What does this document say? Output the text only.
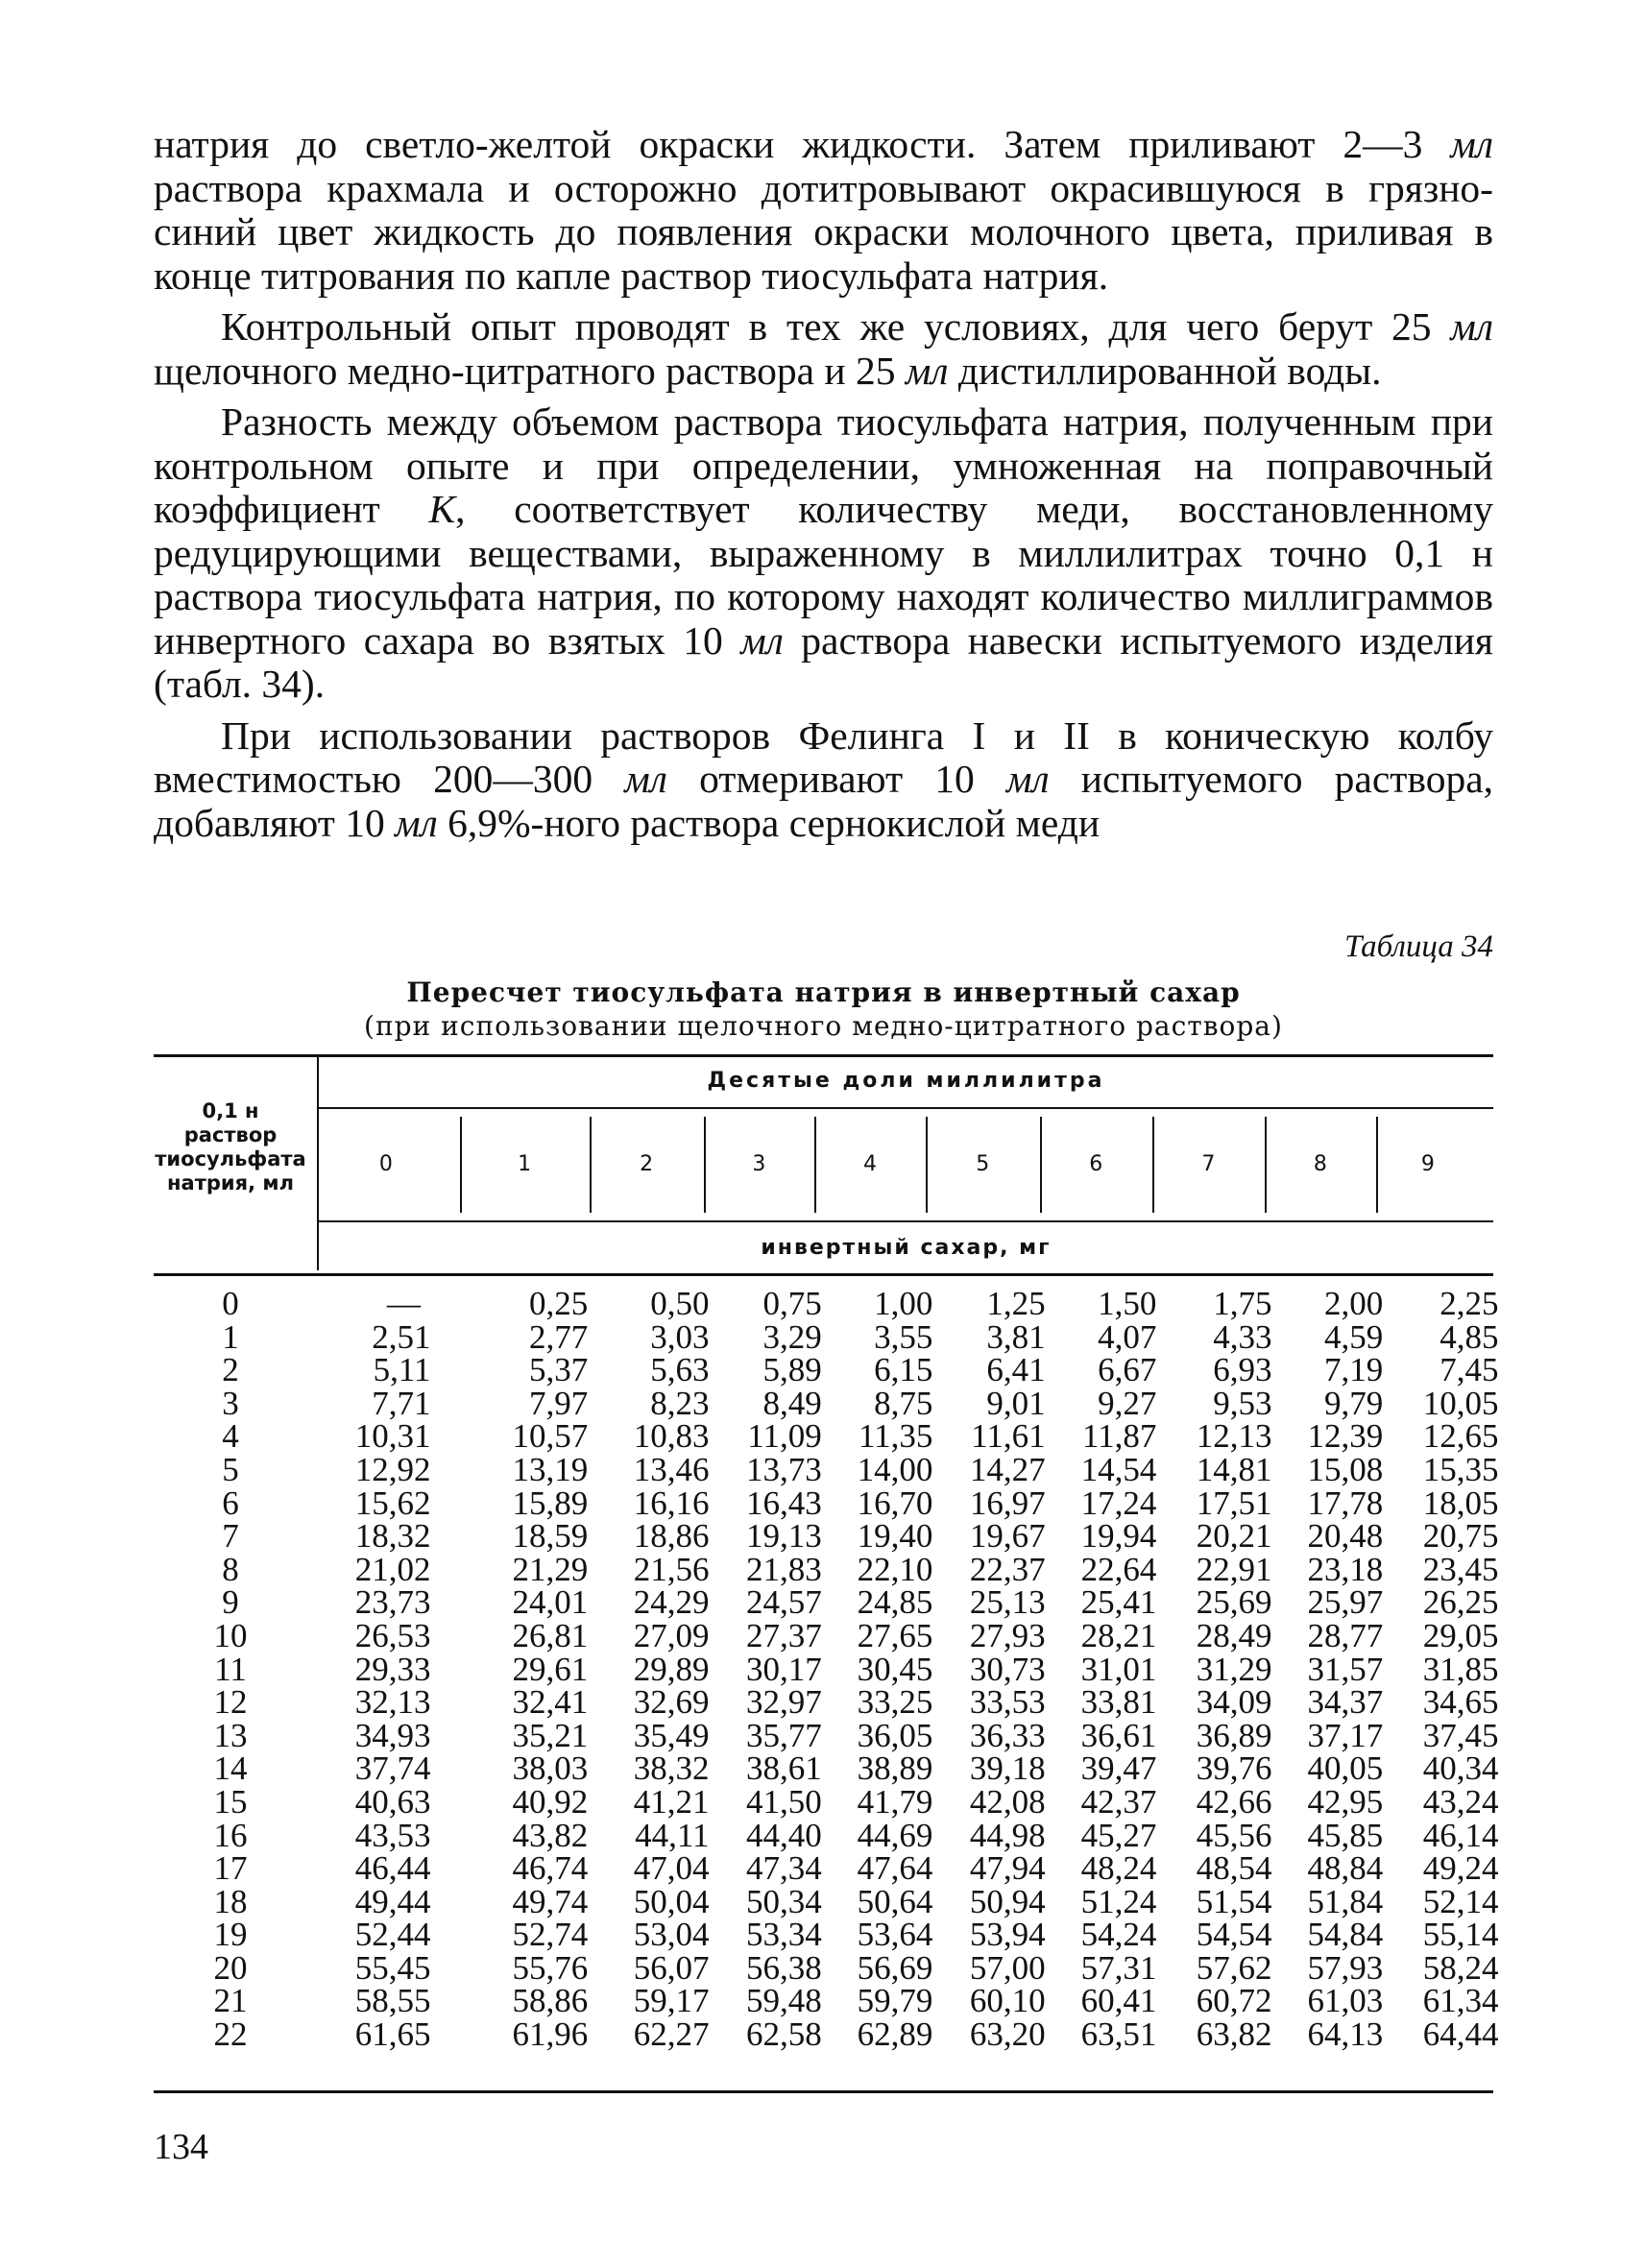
натрия до светло-желтой окраски жидкости. Затем приливают 2—3 мл раствора крахмала и осторожно дотитровывают окрасившуюся в грязно-синий цвет жидкость до появления окраски молочного цвета, приливая в конце титрования по капле раствор тиосульфата натрия.

Контрольный опыт проводят в тех же условиях, для чего берут 25 мл щелочного медно-цитратного раствора и 25 мл дистиллированной воды.

Разность между объемом раствора тиосульфата натрия, полученным при контрольном опыте и при определении, умноженная на поправочный коэффициент K, соответствует количеству меди, восстановленному редуцирующими веществами, выраженному в миллилитрах точно 0,1 н раствора тиосульфата натрия, по которому находят количество миллиграммов инвертного сахара во взятых 10 мл раствора навески испытуемого изделия (табл. 34).

При использовании растворов Фелинга I и II в коническую колбу вместимостью 200—300 мл отмеривают 10 мл испытуемого раствора, добавляют 10 мл 6,9%-ного раствора сернокислой меди

Таблица 34
Пересчет тиосульфата натрия в инвертный сахар
(при использовании щелочного медно-цитратного раствора)
0,1 н раствор тиосульфата натрия, мл
Десятые доли миллилитра
инвертный сахар, мг
0	1	2	3	4	5	6	7	8	9
0	—	0,25 0,50 0,75 1,00 1,25 1,50 1,75 2,00 2,25
1	2,51	2,77 3,03 3,29 3,55 3,81 4,07 4,33 4,59 4,85
2	5,11	5,37 5,63 5,89 6,15 6,41 6,67 6,93 7,19 7,45
3	7,71	7,97 8,23 8,49 8,75 9,01 9,27 9,53 9,79 10,05
4	10,31 10,57 10,83 11,09 11,35 11,61 11,87 12,13 12,39 12,65
5	12,92 13,19 13,46 13,73 14,00 14,27 14,54 14,81 15,08 15,35
6	15,62 15,89 16,16 16,43 16,70 16,97 17,24 17,51 17,78 18,05
7	18,32 18,59 18,86 19,13 19,40 19,67 19,94 20,21 20,48 20,75
8	21,02 21,29 21,56 21,83 22,10 22,37 22,64 22,91 23,18 23,45
9	23,73 24,01 24,29 24,57 24,85 25,13 25,41 25,69 25,97 26,25
10	26,53 26,81 27,09 27,37 27,65 27,93 28,21 28,49 28,77 29,05
11	29,33 29,61 29,89 30,17 30,45 30,73 31,01 31,29 31,57 31,85
12	32,13 32,41 32,69 32,97 33,25 33,53 33,81 34,09 34,37 34,65
13	34,93 35,21 35,49 35,77 36,05 36,33 36,61 36,89 37,17 37,45
14	37,74 38,03 38,32 38,61 38,89 39,18 39,47 39,76 40,05 40,34
15	40,63 40,92 41,21 41,50 41,79 42,08 42,37 42,66 42,95 43,24
16	43,53 43,82 44,11 44,40 44,69 44,98 45,27 45,56 45,85 46,14
17	46,44 46,74 47,04 47,34 47,64 47,94 48,24 48,54 48,84 49,24
18	49,44 49,74 50,04 50,34 50,64 50,94 51,24 51,54 51,84 52,14
19	52,44 52,74 53,04 53,34 53,64 53,94 54,24 54,54 54,84 55,14
20	55,45 55,76 56,07 56,38 56,69 57,00 57,31 57,62 57,93 58,24
21	58,55 58,86 59,17 59,48 59,79 60,10 60,41 60,72 61,03 61,34
22	61,65 61,96 62,27 62,58 62,89 63,20 63,51 63,82 64,13 64,44
134
